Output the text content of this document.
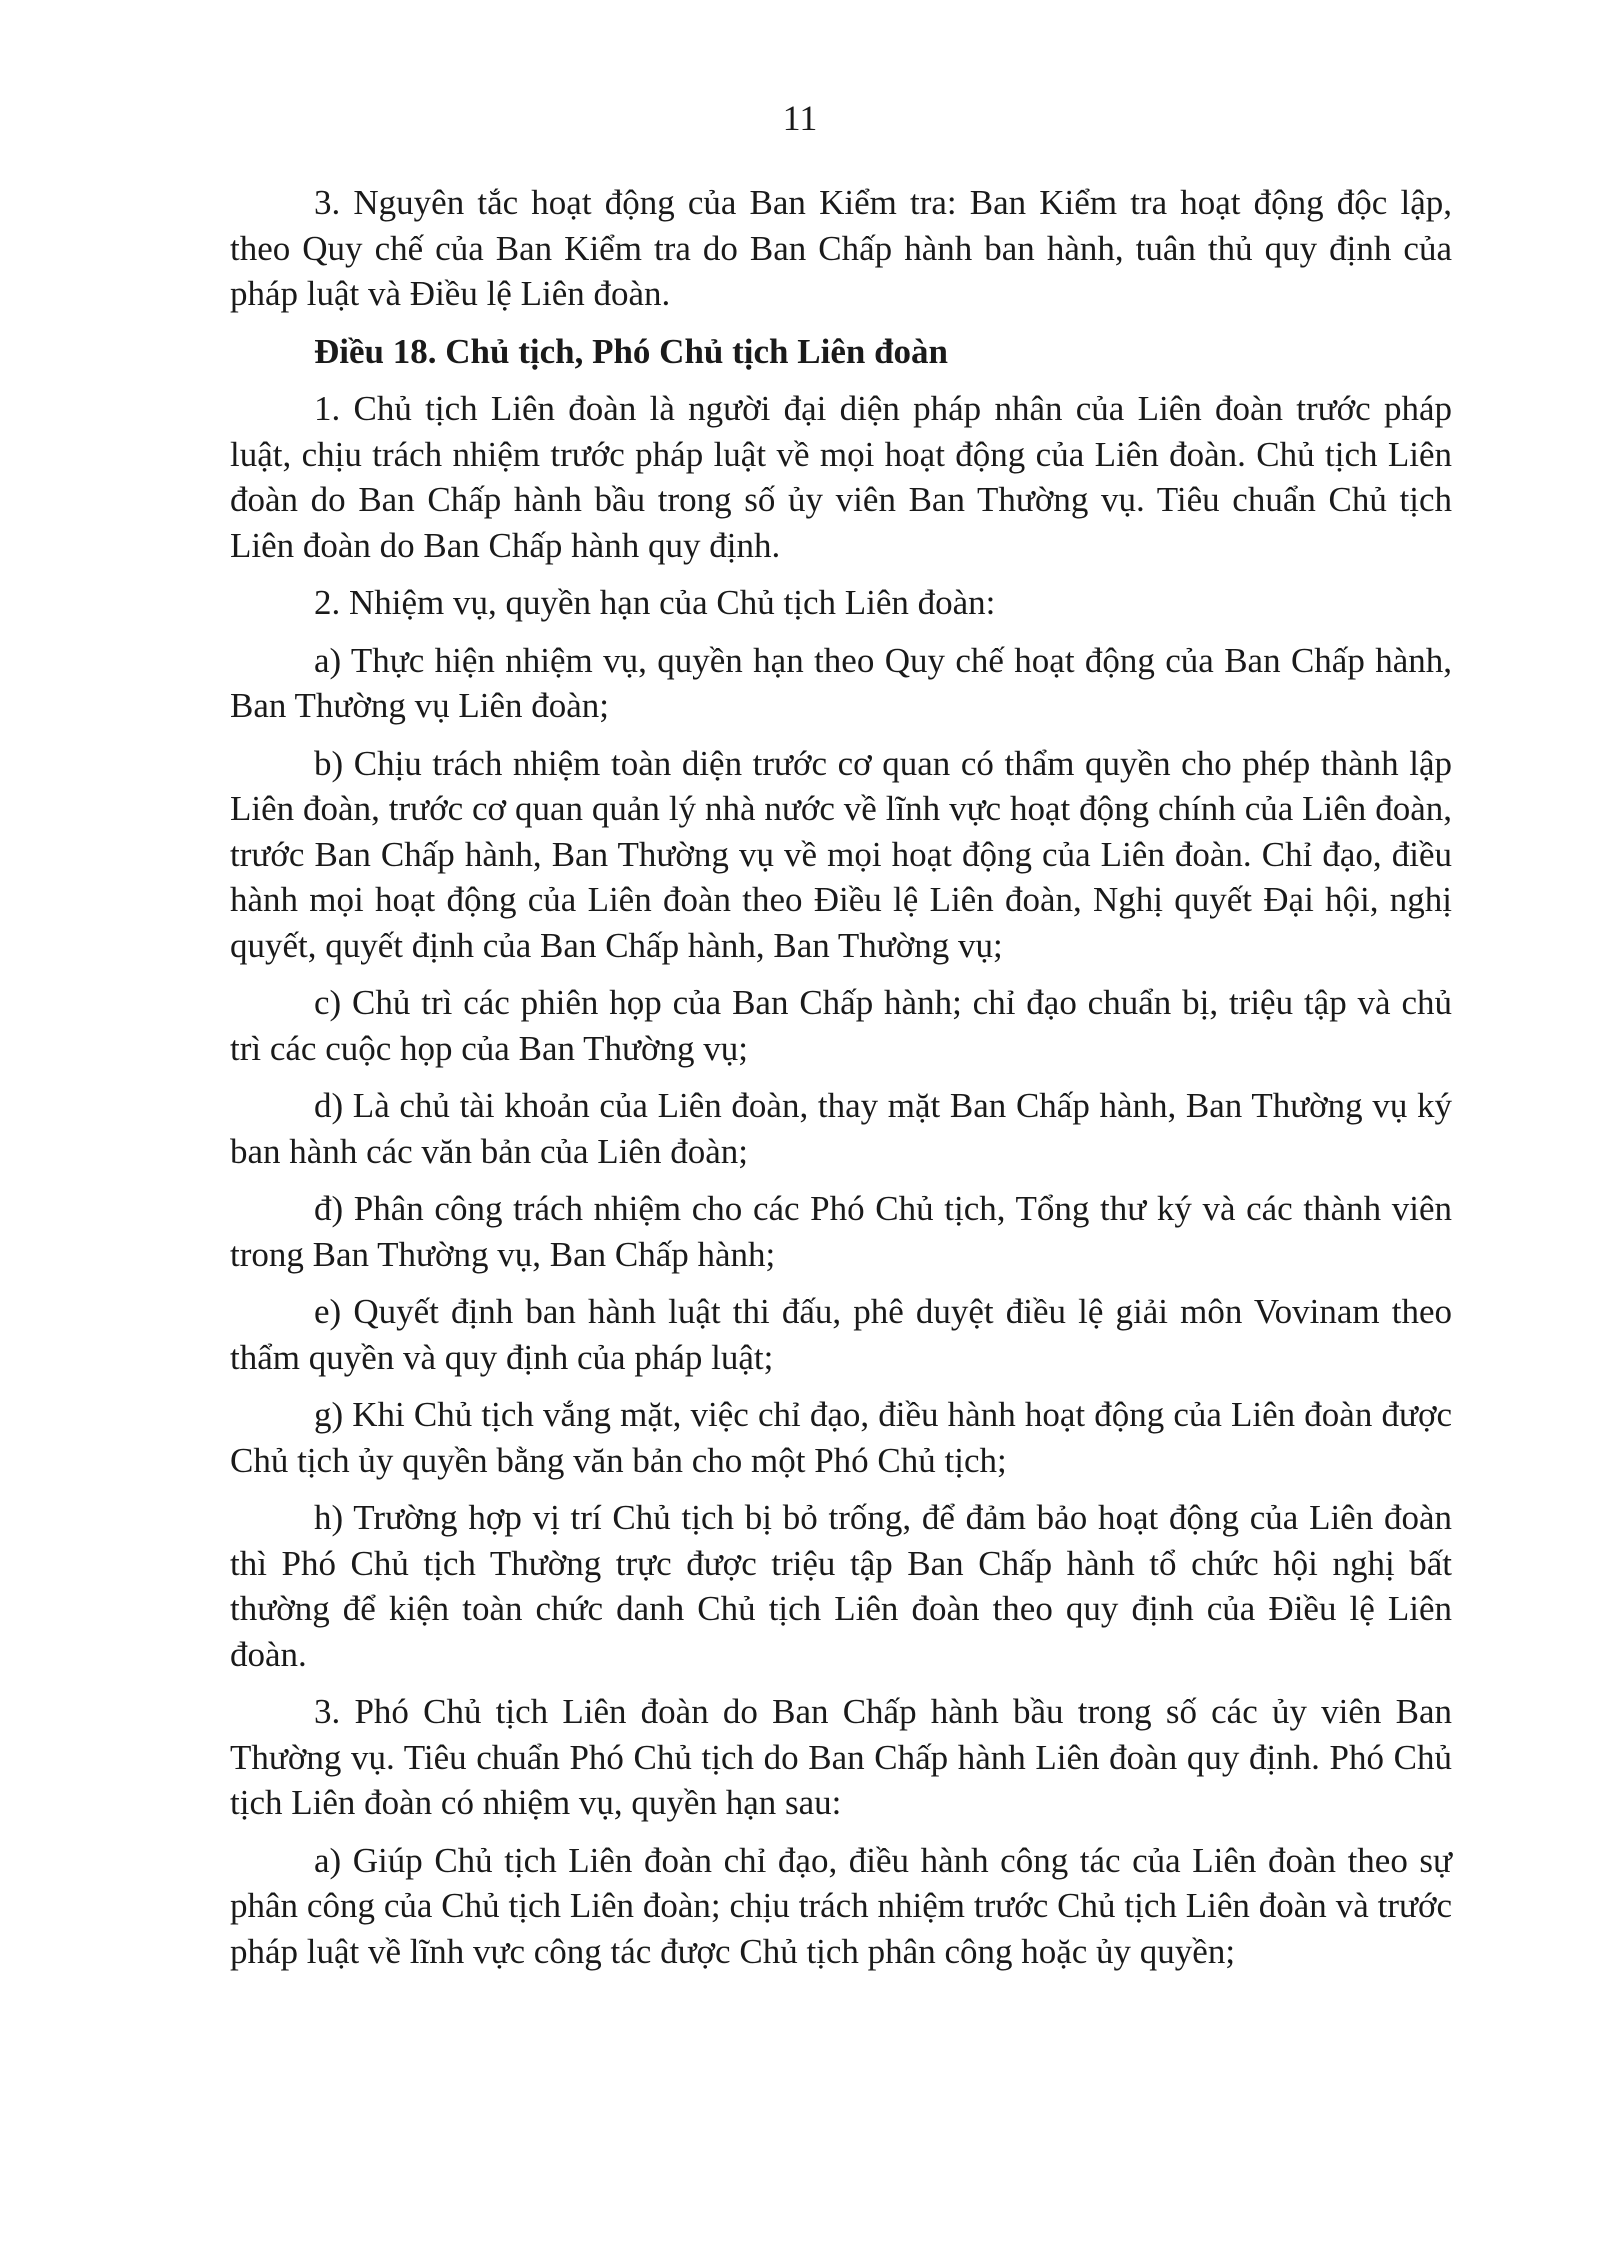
11

3. Nguyên tắc hoạt động của Ban Kiểm tra: Ban Kiểm tra hoạt động độc lập, theo Quy chế của Ban Kiểm tra do Ban Chấp hành ban hành, tuân thủ quy định của pháp luật và Điều lệ Liên đoàn.

Điều 18. Chủ tịch, Phó Chủ tịch Liên đoàn

1. Chủ tịch Liên đoàn là người đại diện pháp nhân của Liên đoàn trước pháp luật, chịu trách nhiệm trước pháp luật về mọi hoạt động của Liên đoàn. Chủ tịch Liên đoàn do Ban Chấp hành bầu trong số ủy viên Ban Thường vụ. Tiêu chuẩn Chủ tịch Liên đoàn do Ban Chấp hành quy định.

2. Nhiệm vụ, quyền hạn của Chủ tịch Liên đoàn:

a) Thực hiện nhiệm vụ, quyền hạn theo Quy chế hoạt động của Ban Chấp hành, Ban Thường vụ Liên đoàn;

b) Chịu trách nhiệm toàn diện trước cơ quan có thẩm quyền cho phép thành lập Liên đoàn, trước cơ quan quản lý nhà nước về lĩnh vực hoạt động chính của Liên đoàn, trước Ban Chấp hành, Ban Thường vụ về mọi hoạt động của Liên đoàn. Chỉ đạo, điều hành mọi hoạt động của Liên đoàn theo Điều lệ Liên đoàn, Nghị quyết Đại hội, nghị quyết, quyết định của Ban Chấp hành, Ban Thường vụ;

c) Chủ trì các phiên họp của Ban Chấp hành; chỉ đạo chuẩn bị, triệu tập và chủ trì các cuộc họp của Ban Thường vụ;

d) Là chủ tài khoản của Liên đoàn, thay mặt Ban Chấp hành, Ban Thường vụ ký ban hành các văn bản của Liên đoàn;

đ) Phân công trách nhiệm cho các Phó Chủ tịch, Tổng thư ký và các thành viên trong Ban Thường vụ, Ban Chấp hành;

e) Quyết định ban hành luật thi đấu, phê duyệt điều lệ giải môn Vovinam theo thẩm quyền và quy định của pháp luật;

g) Khi Chủ tịch vắng mặt, việc chỉ đạo, điều hành hoạt động của Liên đoàn được Chủ tịch ủy quyền bằng văn bản cho một Phó Chủ tịch;

h) Trường hợp vị trí Chủ tịch bị bỏ trống, để đảm bảo hoạt động của Liên đoàn thì Phó Chủ tịch Thường trực được triệu tập Ban Chấp hành tổ chức hội nghị bất thường để kiện toàn chức danh Chủ tịch Liên đoàn theo quy định của Điều lệ Liên đoàn.

3. Phó Chủ tịch Liên đoàn do Ban Chấp hành bầu trong số các ủy viên Ban Thường vụ. Tiêu chuẩn Phó Chủ tịch do Ban Chấp hành Liên đoàn quy định. Phó Chủ tịch Liên đoàn có nhiệm vụ, quyền hạn sau:

a) Giúp Chủ tịch Liên đoàn chỉ đạo, điều hành công tác của Liên đoàn theo sự phân công của Chủ tịch Liên đoàn; chịu trách nhiệm trước Chủ tịch Liên đoàn và trước pháp luật về lĩnh vực công tác được Chủ tịch phân công hoặc ủy quyền;
